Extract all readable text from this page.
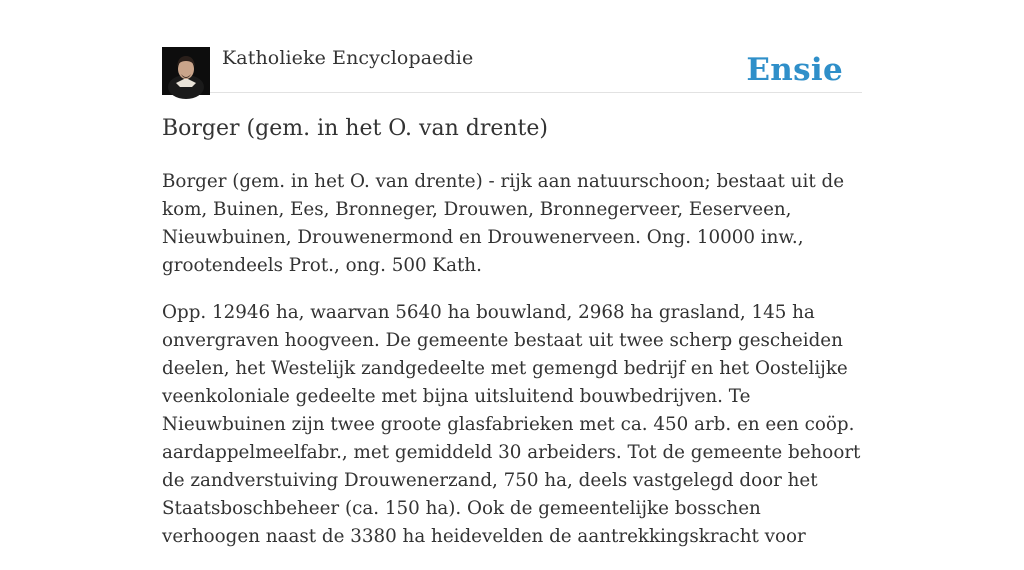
Katholieke Encyclopaedie	Ensie
Borger (gem. in het O. van drente)

Borger (gem. in het O. van drente) - rijk aan natuurschoon; bestaat uit de kom, Buinen, Ees, Bronneger, Drouwen, Bronnegerveer, Eeserveen, Nieuwbuinen, Drouwenermond en Drouwenerveen. Ong. 10000 inw., grootendeels Prot., ong. 500 Kath.

Opp. 12946 ha, waarvan 5640 ha bouwland, 2968 ha grasland, 145 ha onvergraven hoogveen. De gemeente bestaat uit twee scherp gescheiden deelen, het Westelijk zandgedeelte met gemengd bedrijf en het Oostelijke veenkoloniale gedeelte met bijna uitsluitend bouwbedrijven. Te Nieuwbuinen zijn twee groote glasfabrieken met ca. 450 arb. en een coöp. aardappelmeelfabr., met gemiddeld 30 arbeiders. Tot de gemeente behoort de zandverstuiving Drouwenerzand, 750 ha, deels vastgelegd door het Staatsboschbeheer (ca. 150 ha). Ook de gemeentelijke bosschen verhoogen naast de 3380 ha heidevelden de aantrekkingskracht voor
